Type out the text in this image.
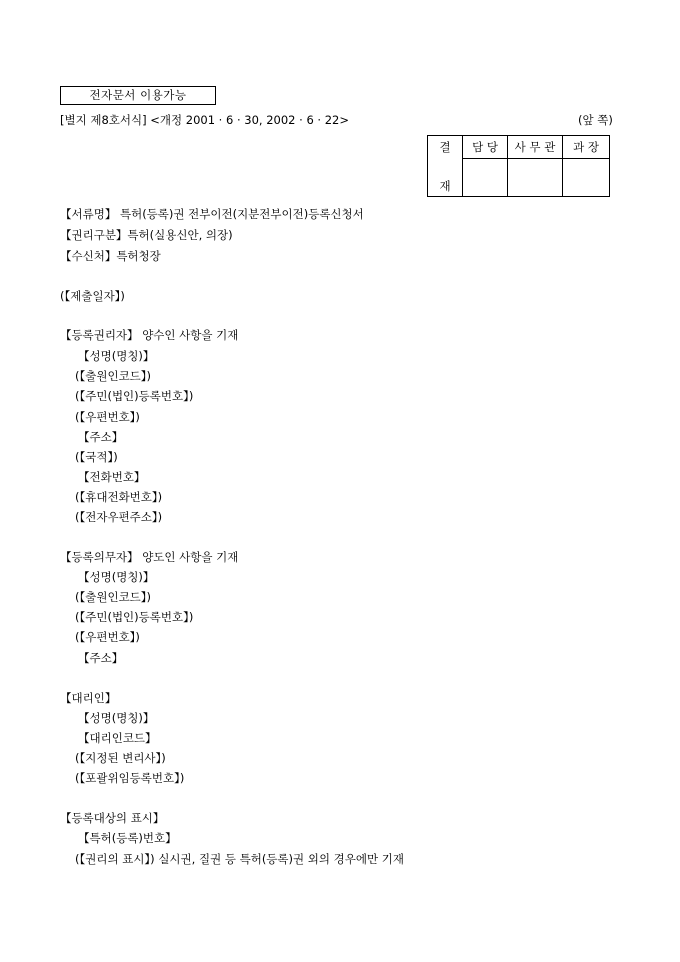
전자문서 이용가능
[별지 제8호서식] <개정 2001 · 6 · 30, 2002 · 6 · 22>	(앞 쪽)
결	담 당	사 무 관	과 장
재			
【서류명】 특허(등록)권 전부이전(지분전부이전)등록신청서
【권리구분】특허(실용신안, 의장)
【수신처】특허청장
(【제출일자】)
【등록권리자】 양수인 사항을 기재
【성명(명칭)】
(【출원인코드】)
(【주민(법인)등록번호】)
(【우편번호】)
【주소】
(【국적】)
【전화번호】
(【휴대전화번호】)
(【전자우편주소】)
【등록의무자】 양도인 사항을 기재
【성명(명칭)】
(【출원인코드】)
(【주민(법인)등록번호】)
(【우편번호】)
【주소】
【대리인】
【성명(명칭)】
【대리인코드】
(【지정된 변리사】)
(【포괄위임등록번호】)
【등록대상의 표시】
【특허(등록)번호】
(【권리의 표시】) 실시권, 질권 등 특허(등록)권 외의 경우에만 기재
